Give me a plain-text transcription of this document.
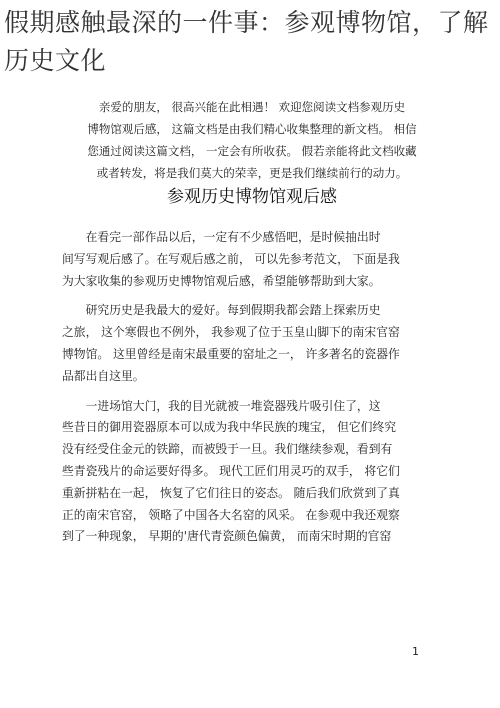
假期感触最深的一件事：参观博物馆，了解历史文化

亲爱的朋友， 很高兴能在此相遇！ 欢迎您阅读文档参观历史

博物馆观后感， 这篇文档是由我们精心收集整理的新文档。 相信

您通过阅读这篇文档， 一定会有所收获。 假若亲能将此文档收藏

或者转发，将是我们莫大的荣幸，更是我们继续前行的动力。

参观历史博物馆观后感

在看完一部作品以后，一定有不少感悟吧，是时候抽出时

间写写观后感了。在写观后感之前， 可以先参考范文， 下面是我

为大家收集的参观历史博物馆观后感，希望能够帮助到大家。

研究历史是我最大的爱好。每到假期我都会踏上探索历史

之旅， 这个寒假也不例外， 我参观了位于玉皇山脚下的南宋官窑

博物馆。 这里曾经是南宋最重要的窑址之一， 许多著名的瓷器作

品都出自这里。

一进场馆大门，我的目光就被一堆瓷器残片吸引住了，这

些昔日的御用瓷器原本可以成为我中华民族的瑰宝， 但它们终究

没有经受住金元的铁蹄，而被毁于一旦。我们继续参观，看到有

些青瓷残片的命运要好得多。 现代工匠们用灵巧的双手， 将它们

重新拼粘在一起， 恢复了它们往日的姿态。 随后我们欣赏到了真

正的南宋官窑， 领略了中国各大名窑的风采。 在参观中我还观察

到了一种现象， 早期的'唐代青瓷颜色偏黄， 而南宋时期的官窑

1
